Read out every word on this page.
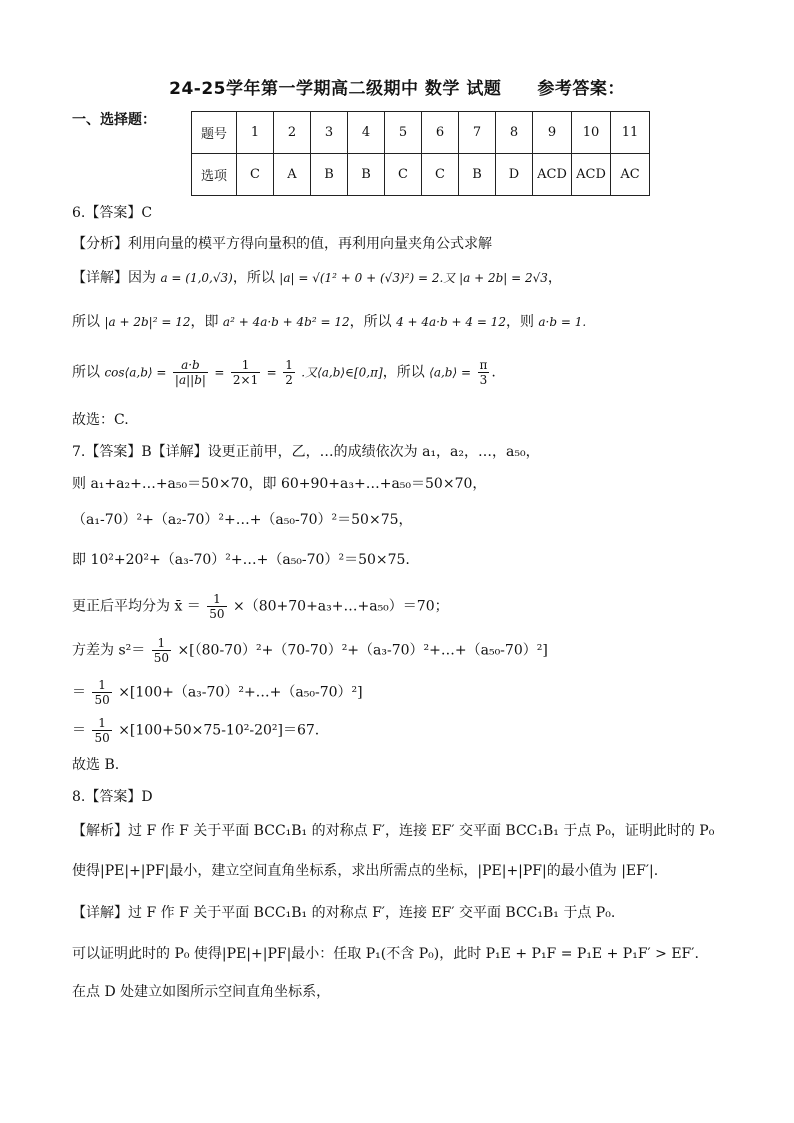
24-25学年第一学期高二级期中 数学 试题 参考答案：
一、选择题：
题号	1	2	3	4	5	6	7	8	9	10	11
选项	C	A	B	B	C	C	B	D	ACD	ACD	AC
6.【答案】C
【分析】利用向量的模平方得向量积的值，再利用向量夹角公式求解
【详解】因为 a = (1,0,√3)，所以 |a| = √(1² + 0 + (√3)²) = 2.又 |a + 2b| = 2√3，
所以 |a + 2b|² = 12，即 a² + 4a·b + 4b² = 12，所以 4 + 4a·b + 4 = 12，则 a·b = 1.
所以 cos⟨a,b⟩ = $\frac{a\cdot b}{|a||b|} = \frac{1}{2\times 1} = \frac{1}{2}$ .又⟨a,b⟩∈[0,π]，所以 ⟨a,b⟩ = $\frac{\pi}{3}$ .
故选：C.
7.【答案】B【详解】设更正前甲，乙，…的成绩依次为 a₁，a₂，…，a₅₀，
则 a₁+a₂+…+a₅₀＝50×70，即 60+90+a₃+…+a₅₀＝50×70，
（a₁-70）²+（a₂-70）²+…+（a₅₀-70）²＝50×75，
即 10²+20²+（a₃-70）²+…+（a₅₀-70）²＝50×75.
更正后平均分为 x̄ ＝ $\frac{1}{50}$ ×（80+70+a₃+…+a₅₀）＝70；
方差为 $s^2= \frac{1}{50}$ ×[（80-70）²+（70-70）²+（a₃-70）²+…+（a₅₀-70）²]
＝ $\frac{1}{50}$ ×[100+（a₃-70）²+…+（a₅₀-70）²]
＝ $\frac{1}{50} \times[100+50\times 75-10^2-20^2]=67$.
故选 B.
8.【答案】D
【解析】过 F 作 F 关于平面 BCC₁B₁ 的对称点 F′，连接 EF′ 交平面 BCC₁B₁ 于点 P₀，证明此时的 P₀
使得|PE|+|PF|最小，建立空间直角坐标系，求出所需点的坐标，|PE|+|PF|的最小值为 |EF′|.
【详解】过 F 作 F 关于平面 BCC₁B₁ 的对称点 F′，连接 EF′ 交平面 BCC₁B₁ 于点 P₀.
可以证明此时的 P₀ 使得|PE|+|PF|最小：任取 P₁(不含 P₀)，此时 P₁E + P₁F = P₁E + P₁F′ > EF′.
在点 D 处建立如图所示空间直角坐标系，
